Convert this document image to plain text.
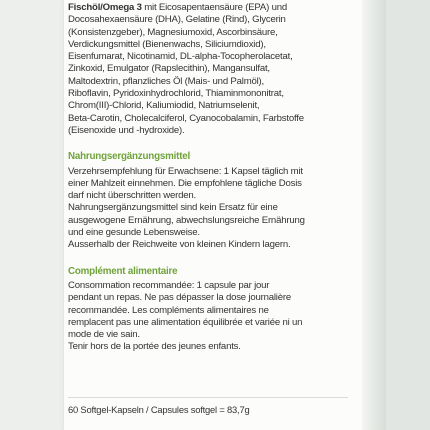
Fischöl/Omega 3 mit Eicosapentaensäure (EPA) und
Docosahexaensäure (DHA), Gelatine (Rind), Glycerin
(Konsistenzgeber), Magnesiumoxid, Ascorbinsäure,
Verdickungsmittel (Bienenwachs, Siliciumdioxid),
Eisenfumarat, Nicotinamid, DL-alpha-Tocopherolacetat,
Zinkoxid, Emulgator (Rapslecithin), Mangansulfat,
Maltodextrin, pflanzliches Öl (Mais- und Palmöl),
Riboflavin, Pyridoxinhydrochlorid, Thiaminmononitrat,
Chrom(III)-Chlorid, Kaliumiodid, Natriumselenit,
Beta-Carotin, Cholecalciferol, Cyanocobalamin, Farbstoffe
(Eisenoxide und -hydroxide).
Nahrungsergänzungsmittel
Verzehrsempfehlung für Erwachsene: 1 Kapsel täglich mit
einer Mahlzeit einnehmen. Die empfohlene tägliche Dosis
darf nicht überschritten werden.
Nahrungsergänzungsmittel sind kein Ersatz für eine
ausgewogene Ernährung, abwechslungsreiche Ernährung
und eine gesunde Lebensweise.
Ausserhalb der Reichweite von kleinen Kindern lagern.
Complément alimentaire
Consommation recommandée: 1 capsule par jour
pendant un repas. Ne pas dépasser la dose journalière
recommandée. Les compléments alimentaires ne
remplacent pas une alimentation équilibrée et variée ni un
mode de vie sain.
Tenir hors de la portée des jeunes enfants.
60 Softgel-Kapseln / Capsules softgel = 83,7g
